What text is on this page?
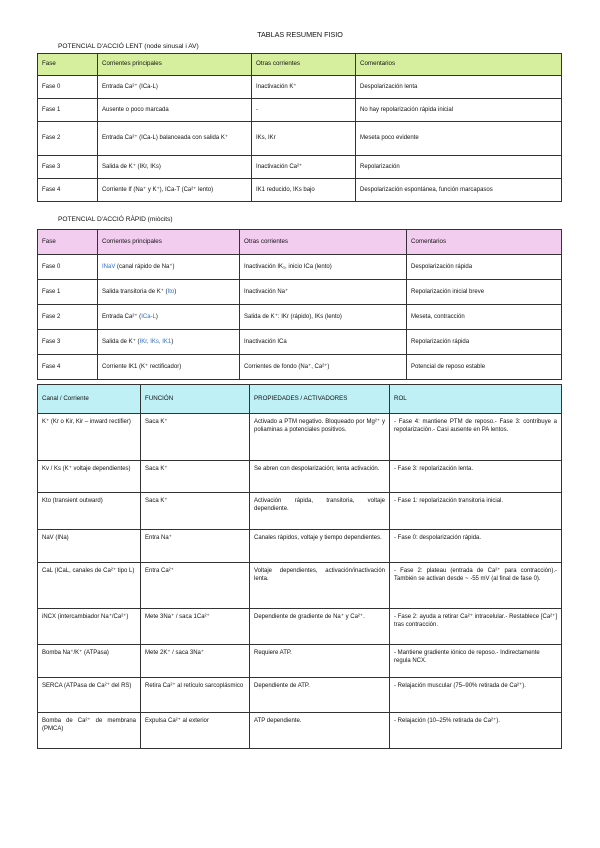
TABLAS RESUMEN FISIO
POTENCIAL D'ACCIÓ LENT (node sinusal i AV)
Fase	Corrientes principales	Otras corrientes	Comentarios
Fase 0	Entrada Ca²⁺ (ICa-L)	Inactivación K⁺	Despolarización lenta
Fase 1	Ausente o poco marcada	-	No hay repolarización rápida inicial
Fase 2	Entrada Ca²⁺ (ICa-L) balanceada con salida K⁺	IKs, IKr	Meseta poco evidente
Fase 3	Salida de K⁺ (IKr, IKs)	Inactivación Ca²⁺	Repolarización
Fase 4	Corriente If (Na⁺ y K⁺), ICa-T (Ca²⁺ lento)	IK1 reducido, IKs bajo	Despolarización espontánea, función marcapasos
POTENCIAL D'ACCIÓ RÀPID (miòcits)
Fase	Corrientes principales	Otras corrientes	Comentarios
Fase 0	INaV (canal rápido de Na⁺)	Inactivación IK₁, inicio ICa (lento)	Despolarización rápida
Fase 1	Salida transitoria de K⁺ (Ito)	Inactivación Na⁺	Repolarización inicial breve
Fase 2	Entrada Ca²⁺ (ICa-L)	Salida de K⁺: IKr (rápido), IKs (lento)	Meseta, contracción
Fase 3	Salida de K⁺ (IKr, IKs, IK1)	Inactivación ICa	Repolarización rápida
Fase 4	Corriente IK1 (K⁺ rectificador)	Corrientes de fondo (Na⁺, Ca²⁺)	Potencial de reposo estable
Canal / Corriente	FUNCIÓN	PROPIEDADES / ACTIVADORES	ROL
K⁺ (Kr o Kir, Kir – inward rectifier)	Saca K⁺	Activado a PTM negativo. Bloqueado por Mg²⁺ y poliaminas a potenciales positivos.	- Fase 4: mantiene PTM de reposo.- Fase 3: contribuye a repolarización.- Casi ausente en PA lentos.
Kv / Ks (K⁺ voltaje dependientes)	Saca K⁺	Se abren con despolarización; lenta activación.	- Fase 3: repolarización lenta.
Kto (transient outward)	Saca K⁺	Activación rápida, transitoria, voltaje dependiente.	- Fase 1: repolarización transitoria inicial.
NaV (INa)	Entra Na⁺	Canales rápidos, voltaje y tiempo dependientes.	- Fase 0: despolarización rápida.
CaL (ICaL, canales de Ca²⁺ tipo L)	Entra Ca²⁺	Voltaje dependientes, activación/inactivación lenta.	- Fase 2: plateau (entrada de Ca²⁺ para contracción).- También se activan desde ~ -55 mV (al final de fase 0).
iNCX (intercambiador Na⁺/Ca²⁺)	Mete 3Na⁺ / saca 1Ca²⁺	Dependiente de gradiente de Na⁺ y Ca²⁺.	- Fase 2: ayuda a retirar Ca²⁺ intracelular.- Restablece [Ca²⁺] tras contracción.
Bomba Na⁺/K⁺ (ATPasa)	Mete 2K⁺ / saca 3Na⁺	Requiere ATP.	- Mantiene gradiente iónico de reposo.- Indirectamente regula NCX.
SERCA (ATPasa de Ca²⁺ del RS)	Retira Ca²⁺ al retículo sarcoplásmico	Dependiente de ATP.	- Relajación muscular (75–90% retirada de Ca²⁺).
Bomba de Ca²⁺ de membrana (PMCA)	Expulsa Ca²⁺ al exterior	ATP dependiente.	- Relajación (10–25% retirada de Ca²⁺).
